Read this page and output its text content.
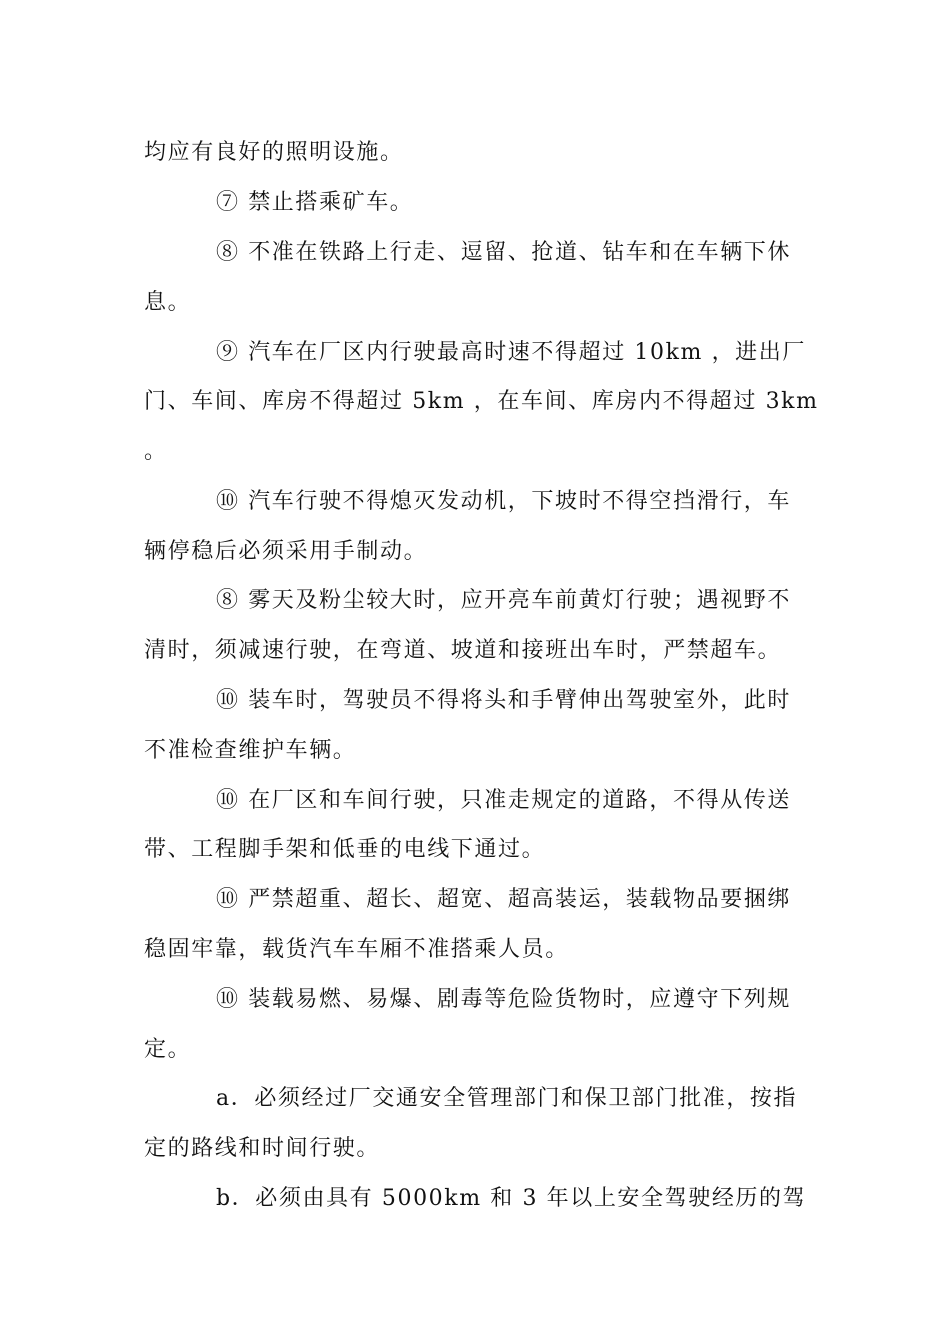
均应有良好的照明设施。
⑦ 禁止搭乘矿车。
⑧ 不准在铁路上行走、逗留、抢道、钻车和在车辆下休
息。
⑨ 汽车在厂区内行驶最高时速不得超过 10km ，进出厂
门、车间、库房不得超过 5km ，在车间、库房内不得超过 3km
。
⑩ 汽车行驶不得熄灭发动机，下坡时不得空挡滑行，车
辆停稳后必须采用手制动。
⑧ 雾天及粉尘较大时，应开亮车前黄灯行驶；遇视野不
清时，须减速行驶，在弯道、坡道和接班出车时，严禁超车。
⑩ 装车时，驾驶员不得将头和手臂伸出驾驶室外，此时
不准检查维护车辆。
⑩ 在厂区和车间行驶，只准走规定的道路，不得从传送
带、工程脚手架和低垂的电线下通过。
⑩ 严禁超重、超长、超宽、超高装运，装载物品要捆绑
稳固牢靠，载货汽车车厢不准搭乘人员。
⑩ 装载易燃、易爆、剧毒等危险货物时，应遵守下列规
定。
a．必须经过厂交通安全管理部门和保卫部门批准，按指
定的路线和时间行驶。
b．必须由具有 5000km 和 3 年以上安全驾驶经历的驾
